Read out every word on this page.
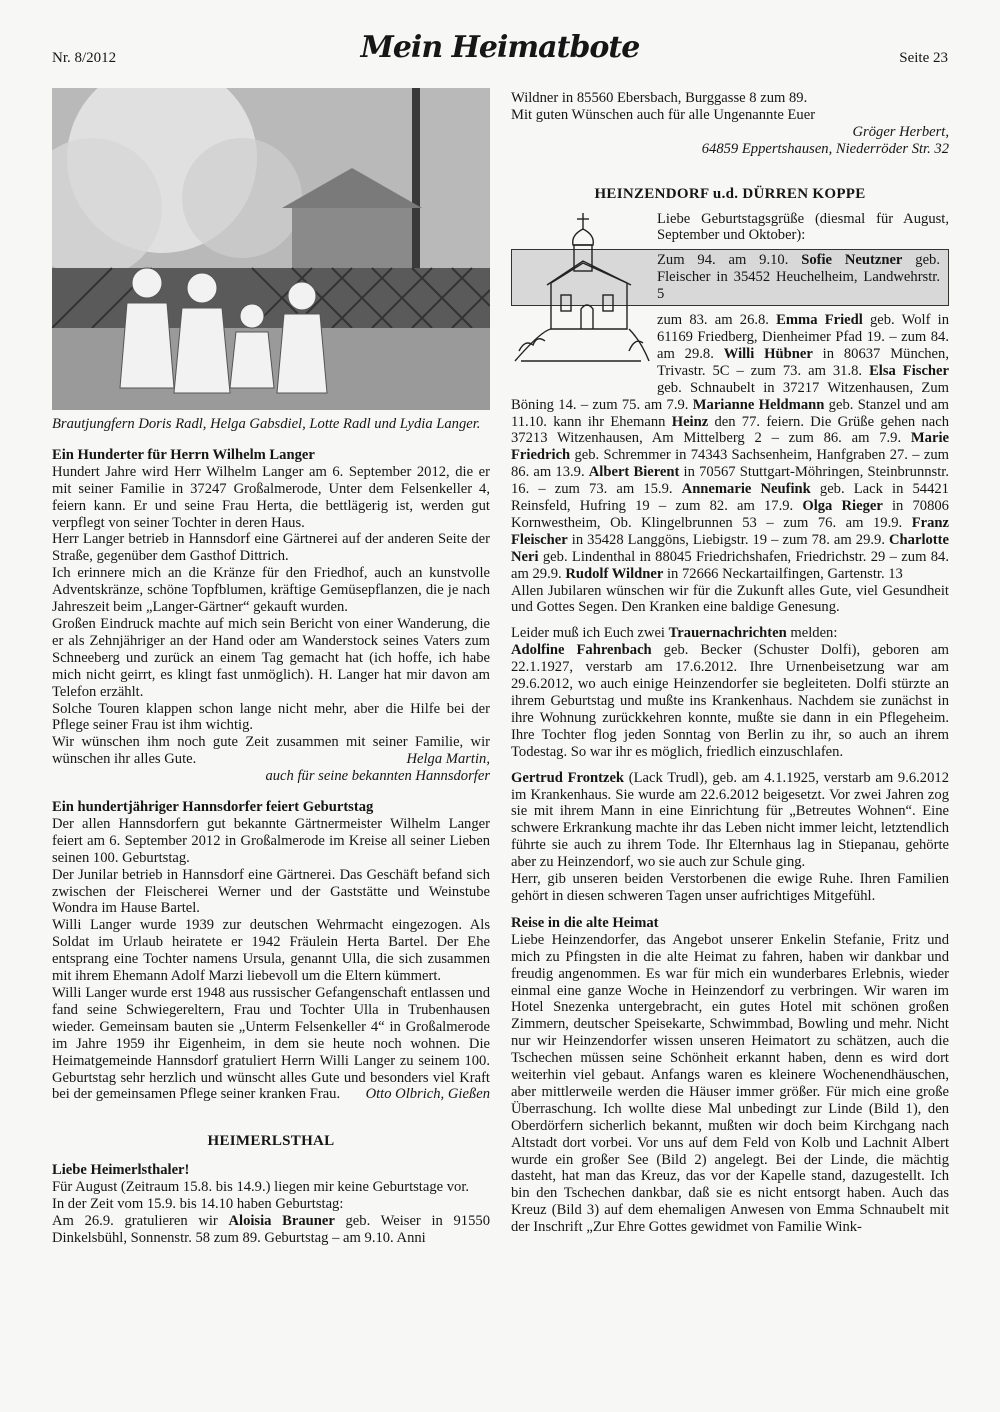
Nr. 8/2012	Mein Heimatbote	Seite 23

Brautjungfern Doris Radl, Helga Gabsdiel, Lotte Radl und Lydia Langer.

Ein Hunderter für Herrn Wilhelm Langer

Hundert Jahre wird Herr Wilhelm Langer am 6. September 2012, die er mit seiner Familie in 37247 Großalmerode, Unter dem Felsenkeller 4, feiern kann. Er und seine Frau Herta, die bettlägerig ist, werden gut verpflegt von seiner Tochter in deren Haus.

Herr Langer betrieb in Hannsdorf eine Gärtnerei auf der anderen Seite der Straße, gegenüber dem Gasthof Dittrich.

Ich erinnere mich an die Kränze für den Friedhof, auch an kunstvolle Adventskränze, schöne Topfblumen, kräftige Gemüsepflanzen, die je nach Jahreszeit beim „Langer-Gärtner“ gekauft wurden.

Großen Eindruck machte auf mich sein Bericht von einer Wanderung, die er als Zehnjähriger an der Hand oder am Wanderstock seines Vaters zum Schneeberg und zurück an einem Tag gemacht hat (ich hoffe, ich habe mich nicht geirrt, es klingt fast unmöglich). H. Langer hat mir davon am Telefon erzählt.

Solche Touren klappen schon lange nicht mehr, aber die Hilfe bei der Pflege seiner Frau ist ihm wichtig.

Wir wünschen ihm noch gute Zeit zusammen mit seiner Familie, wir wünschen ihr alles Gute.	Helga Martin,

auch für seine bekannten Hannsdorfer

Ein hundertjähriger Hannsdorfer feiert Geburtstag

Der allen Hannsdorfern gut bekannte Gärtnermeister Wilhelm Langer feiert am 6. September 2012 in Großalmerode im Kreise all seiner Lieben seinen 100. Geburtstag.

Der Junilar betrieb in Hannsdorf eine Gärtnerei. Das Geschäft befand sich zwischen der Fleischerei Werner und der Gaststätte und Weinstube Wondra im Hause Bartel.

Willi Langer wurde 1939 zur deutschen Wehrmacht eingezogen. Als Soldat im Urlaub heiratete er 1942 Fräulein Herta Bartel. Der Ehe entsprang eine Tochter namens Ursula, genannt Ulla, die sich zusammen mit ihrem Ehemann Adolf Marzi liebevoll um die Eltern kümmert.

Willi Langer wurde erst 1948 aus russischer Gefangenschaft entlassen und fand seine Schwiegereltern, Frau und Tochter Ulla in Trubenhausen wieder. Gemeinsam bauten sie „Unterm Felsenkeller 4“ in Großalmerode im Jahre 1959 ihr Eigenheim, in dem sie heute noch wohnen. Die Heimatgemeinde Hannsdorf gratuliert Herrn Willi Langer zu seinem 100. Geburtstag sehr herzlich und wünscht alles Gute und besonders viel Kraft bei der gemeinsamen Pflege seiner kranken Frau. Otto Olbrich, Gießen

HEIMERLSTHAL
Liebe Heimerlsthaler!

Für August (Zeitraum 15.8. bis 14.9.) liegen mir keine Geburtstage vor.

In der Zeit vom 15.9. bis 14.10 haben Geburtstag:

Am 26.9. gratulieren wir Aloisia Brauner geb. Weiser in 91550 Dinkelsbühl, Sonnenstr. 58 zum 89. Geburtstag – am 9.10. Anni

Wildner in 85560 Ebersbach, Burggasse 8 zum 89.

Mit guten Wünschen auch für alle Ungenannte Euer

Gröger Herbert,

64859 Eppertshausen, Niederröder Str. 32

HEINZENDORF u.d. DÜRREN KOPPE

Liebe Geburtstagsgrüße (diesmal für August, September und Oktober):

Zum 94. am 9.10. Sofie Neutzner geb. Fleischer in 35452 Heuchelheim, Landwehrstr. 5

zum 83. am 26.8. Emma Friedl geb. Wolf in 61169 Friedberg, Dienheimer Pfad 19. – zum 84. am 29.8. Willi Hübner in 80637 München, Trivastr. 5C – zum 73. am 31.8. Elsa Fischer geb. Schnaubelt in 37217 Witzenhausen, Zum Böning 14. – zum 75. am 7.9. Marianne Heldmann geb. Stanzel und am 11.10. kann ihr Ehemann Heinz den 77. feiern. Die Grüße gehen nach 37213 Witzenhausen, Am Mittelberg 2 – zum 86. am 7.9. Marie Friedrich geb. Schremmer in 74343 Sachsenheim, Hanfgraben 27. – zum 86. am 13.9. Albert Bierent in 70567 Stuttgart-Möhringen, Steinbrunnstr. 16. – zum 73. am 15.9. Annemarie Neufink geb. Lack in 54421 Reinsfeld, Hufring 19 – zum 82. am 17.9. Olga Rieger in 70806 Kornwestheim, Ob. Klingelbrunnen 53 – zum 76. am 19.9. Franz Fleischer in 35428 Langgöns, Liebigstr. 19 – zum 78. am 29.9. Charlotte Neri geb. Lindenthal in 88045 Friedrichshafen, Friedrichstr. 29 – zum 84. am 29.9. Rudolf Wildner in 72666 Neckartailfingen, Gartenstr. 13

Allen Jubilaren wünschen wir für die Zukunft alles Gute, viel Gesundheit und Gottes Segen. Den Kranken eine baldige Genesung.

Leider muß ich Euch zwei Trauernachrichten melden:

Adolfine Fahrenbach geb. Becker (Schuster Dolfi), geboren am 22.1.1927, verstarb am 17.6.2012. Ihre Urnenbeisetzung war am 29.6.2012, wo auch einige Heinzendorfer sie begleiteten. Dolfi stürzte an ihrem Geburtstag und mußte ins Krankenhaus. Nachdem sie zunächst in ihre Wohnung zurückkehren konnte, mußte sie dann in ein Pflegeheim. Ihre Tochter flog jeden Sonntag von Berlin zu ihr, so auch an ihrem Todestag. So war ihr es möglich, friedlich einzuschlafen.

Gertrud Frontzek (Lack Trudl), geb. am 4.1.1925, verstarb am 9.6.2012 im Krankenhaus. Sie wurde am 22.6.2012 beigesetzt. Vor zwei Jahren zog sie mit ihrem Mann in eine Einrichtung für „Betreutes Wohnen“. Eine schwere Erkrankung machte ihr das Leben nicht immer leicht, letztendlich führte sie auch zu ihrem Tode. Ihr Elternhaus lag in Stiepanau, gehörte aber zu Heinzendorf, wo sie auch zur Schule ging.

Herr, gib unseren beiden Verstorbenen die ewige Ruhe. Ihren Familien gehört in diesen schweren Tagen unser aufrichtiges Mitgefühl.

Reise in die alte Heimat

Liebe Heinzendorfer, das Angebot unserer Enkelin Stefanie, Fritz und mich zu Pfingsten in die alte Heimat zu fahren, haben wir dankbar und freudig angenommen. Es war für mich ein wunderbares Erlebnis, wieder einmal eine ganze Woche in Heinzendorf zu verbringen. Wir waren im Hotel Snezenka untergebracht, ein gutes Hotel mit schönen großen Zimmern, deutscher Speisekarte, Schwimmbad, Bowling und mehr. Nicht nur wir Heinzendorfer wissen unseren Heimatort zu schätzen, auch die Tschechen müssen seine Schönheit erkannt haben, denn es wird dort weiterhin viel gebaut. Anfangs waren es kleinere Wochenendhäuschen, aber mittlerweile werden die Häuser immer größer. Für mich eine große Überraschung. Ich wollte diese Mal unbedingt zur Linde (Bild 1), den Oberdörfern sicherlich bekannt, mußten wir doch beim Kirchgang nach Altstadt dort vorbei. Vor uns auf dem Feld von Kolb und Lachnit Albert wurde ein großer See (Bild 2) angelegt. Bei der Linde, die mächtig dasteht, hat man das Kreuz, das vor der Kapelle stand, dazugestellt. Ich bin den Tschechen dankbar, daß sie es nicht entsorgt haben. Auch das Kreuz (Bild 3) auf dem ehemaligen Anwesen von Emma Schnaubelt mit der Inschrift „Zur Ehre Gottes gewidmet von Familie Wink-
